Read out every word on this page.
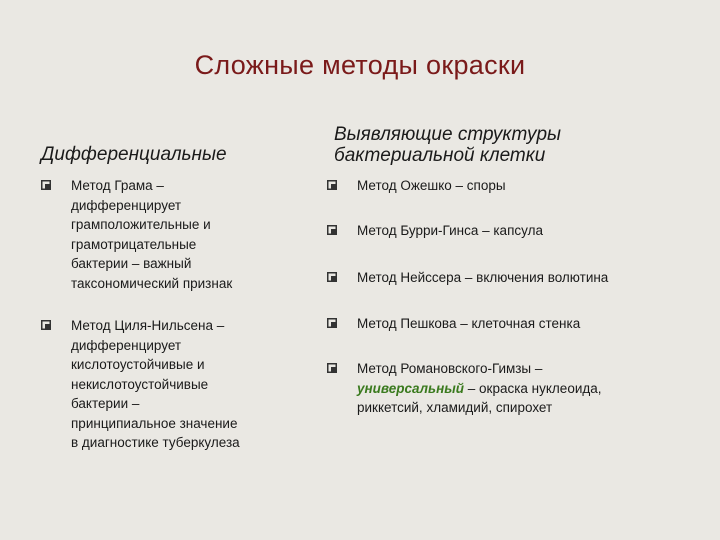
Сложные методы окраски
Дифференциальные
Выявляющие структуры
бактериальной клетки
Метод Грама –
дифференцирует
грамположительные и
грамотрицательные
бактерии – важный
таксономический признак
Метод Циля-Нильсена –
дифференцирует
кислотоустойчивые и
некислотоустойчивые
бактерии –
принципиальное значение
в диагностике туберкулеза
Метод Ожешко – споры
Метод Бурри-Гинса – капсула
Метод Нейссера – включения волютина
Метод Пешкова – клеточная стенка
Метод Романовского-Гимзы –
универсальный – окраска нуклеоида,
риккетсий, хламидий, спирохет
